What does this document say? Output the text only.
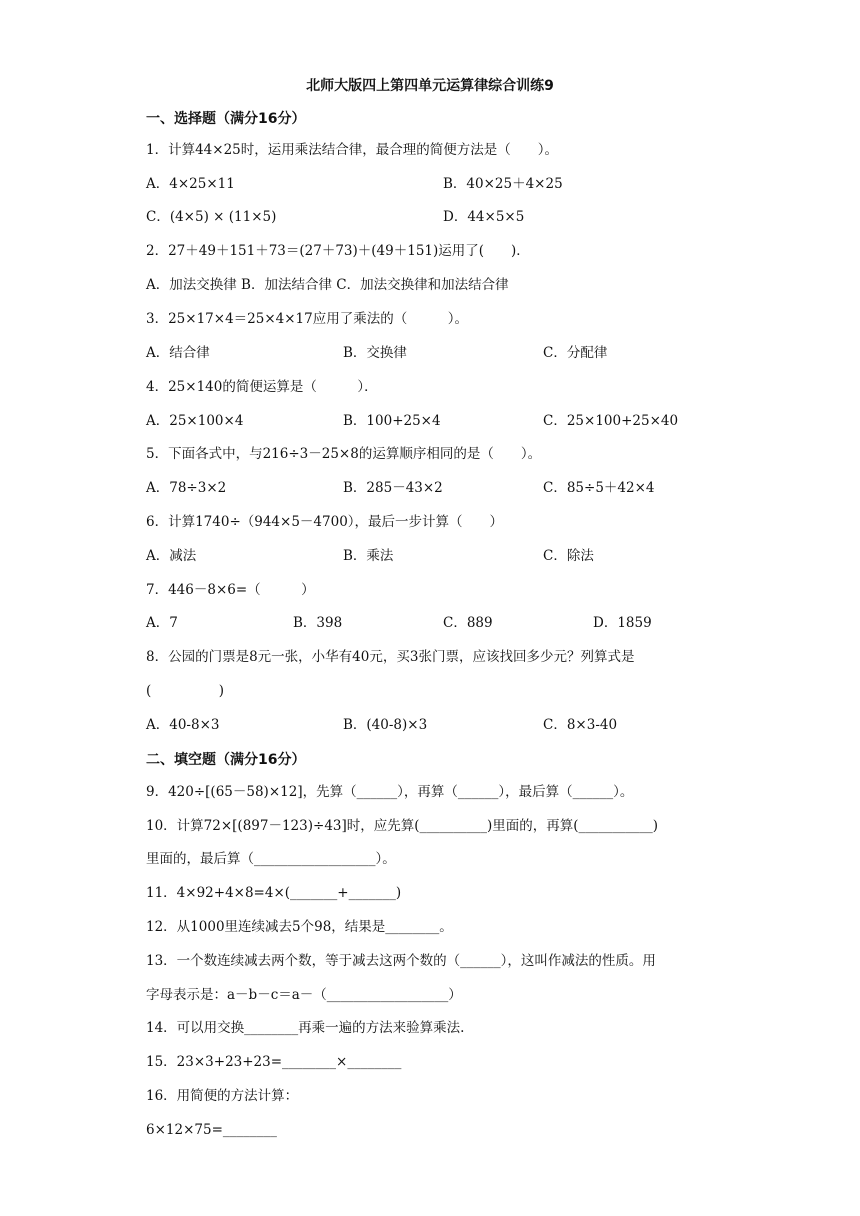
北师大版四上第四单元运算律综合训练9
一、选择题（满分16分）
1．计算44×25时，运用乘法结合律，最合理的简便方法是（　　）。
A．4×25×11	B．40×25＋4×25
C．(4×5) × (11×5)	D．44×5×5
2．27＋49＋151＋73＝(27＋73)＋(49＋151)运用了(　　)．
A．加法交换律 B．加法结合律 C．加法交换律和加法结合律
3．25×17×4＝25×4×17应用了乘法的（　　　）。
A．结合律	B．交换律	C．分配律
4．25×140的简便运算是（　　　）．
A．25×100×4	B．100+25×4	C．25×100+25×40
5．下面各式中，与216÷3－25×8的运算顺序相同的是（　　）。
A．78÷3×2	B．285－43×2	C．85÷5＋42×4
6．计算1740÷（944×5－4700），最后一步计算（　　）
A．减法	B．乘法	C．除法
7．446－8×6=（　　　）
A．7	B．398	C．889	D．1859
8．公园的门票是8元一张，小华有40元，买3张门票，应该找回多少元？列算式是
(　　　　　)
A．40-8×3	B．(40-8)×3	C．8×3-40
二、填空题（满分16分）
9．420÷[(65－58)×12]，先算（______），再算（______），最后算（______）。
10．计算72×[(897－123)÷43]时，应先算(__________)里面的，再算(___________)
里面的，最后算（__________________）。
11．4×92+4×8=4×(_______+_______)
12．从1000里连续减去5个98，结果是________。
13．一个数连续减去两个数，等于减去这两个数的（______），这叫作减法的性质。用
字母表示是：a－b－c＝a－（__________________）
14．可以用交换________再乘一遍的方法来验算乘法.
15．23×3+23+23=________×________
16．用简便的方法计算：
6×12×75=________
